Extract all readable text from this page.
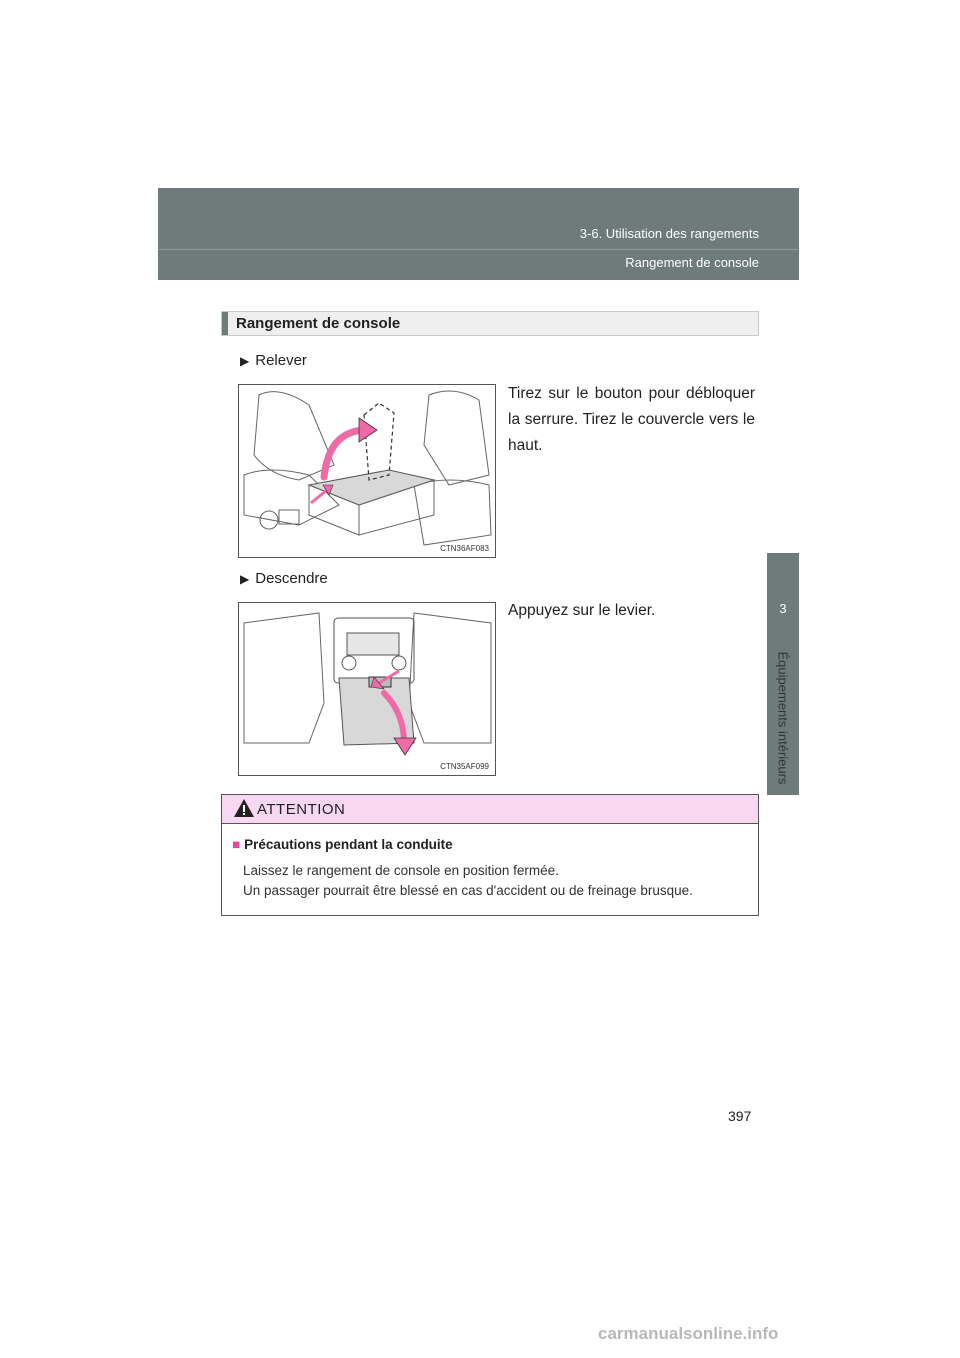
3-6. Utilisation des rangements
Rangement de console
3
Équipements intérieurs
Rangement de console
▶ Relever
Tirez sur le bouton pour débloquer la serrure. Tirez le couvercle vers le haut.
CTN36AF083
▶ Descendre
Appuyez sur le levier.
CTN35AF099
ATTENTION
■ Précautions pendant la conduite
Laissez le rangement de console en position fermée.
Un passager pourrait être blessé en cas d'accident ou de freinage brusque.
397
carmanualsonline.info
